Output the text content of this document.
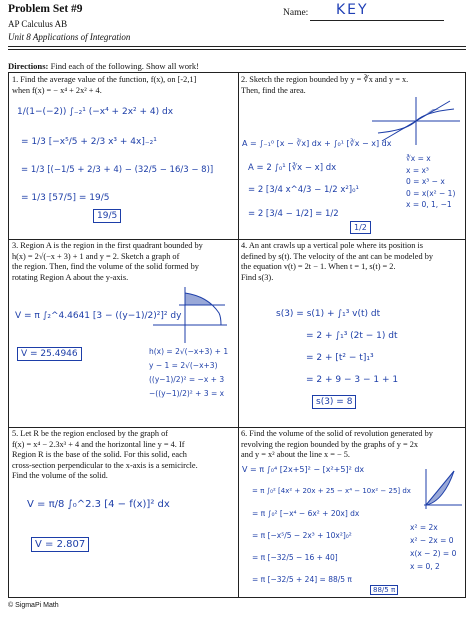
Problem Set #9
AP Calculus AB
Unit 8 Applications of Integration
Name: KEY
Directions: Find each of the following. Show all work!
1. Find the average value of the function, f(x), on [-2,1]
when f(x) = − x⁴ + 2x² + 4.
1/(1−(−2)) ∫₋₂¹ (−x⁴ + 2x² + 4) dx
= 1/3 [−x⁵/5 + 2/3 x³ + 4x]₋₂¹
= 1/3 [(−1/5 + 2/3 + 4) − (32/5 − 16/3 − 8)]
= 1/3 [57/5] = 19/5
19/5
2. Sketch the region bounded by y = ∛x and y = x.
Then, find the area.
A = ∫₋₁⁰ [x − ∛x] dx + ∫₀¹ [∛x − x] dx
A = 2 ∫₀¹ [∛x − x] dx
= 2 [3/4 x^4/3 − 1/2 x²]₀¹
= 2 [3/4 − 1/2] = 1/2
∛x = x
x = x³
0 = x³ − x
0 = x(x² − 1)
x = 0, 1, −1
1/2
3. Region A is the region in the first quadrant bounded by
h(x) = 2√(−x + 3) + 1 and y = 2. Sketch a graph of
the region. Then, find the volume of the solid formed by
rotating Region A about the y-axis.
V = π ∫₂^4.4641 [3 − ((y−1)/2)²]² dy
V = 25.4946	h(x) = 2√(−x+3) + 1
y − 1 = 2√(−x+3)
((y−1)/2)² = −x + 3
−((y−1)/2)² + 3 = x
4. An ant crawls up a vertical pole where its position is
defined by s(t). The velocity of the ant can be modeled by
the equation v(t) = 2t − 1. When t = 1, s(t) = 2.
Find s(3).
s(3) = s(1) + ∫₁³ v(t) dt
= 2 + ∫₁³ (2t − 1) dt
= 2 + [t² − t]₁³
= 2 + 9 − 3 − 1 + 1
s(3) = 8
5. Let R be the region enclosed by the graph of
f(x) = x⁴ − 2.3x³ + 4 and the horizontal line y = 4. If
Region R is the base of the solid. For this solid, each
cross-section perpendicular to the x-axis is a semicircle.
Find the volume of the solid.
V = π/8 ∫₀^2.3 [4 − f(x)]² dx
V = 2.807
6. Find the volume of the solid of revolution generated by
revolving the region bounded by the graphs of y = 2x
and y = x² about the line x = − 5.
V = π ∫₀⁴ [2x+5]² − [x²+5]² dx
= π ∫₀² [4x² + 20x + 25 − x⁴ − 10x² − 25] dx
= π ∫₀² [−x⁴ − 6x² + 20x] dx
= π [−x⁵/5 − 2x³ + 10x²]₀²
= π [−32/5 − 16 + 40]
= π [−32/5 + 24] = 88/5 π
x² = 2x
x² − 2x = 0
x(x − 2) = 0
x = 0, 2
88/5 π
© SigmaPi Math
